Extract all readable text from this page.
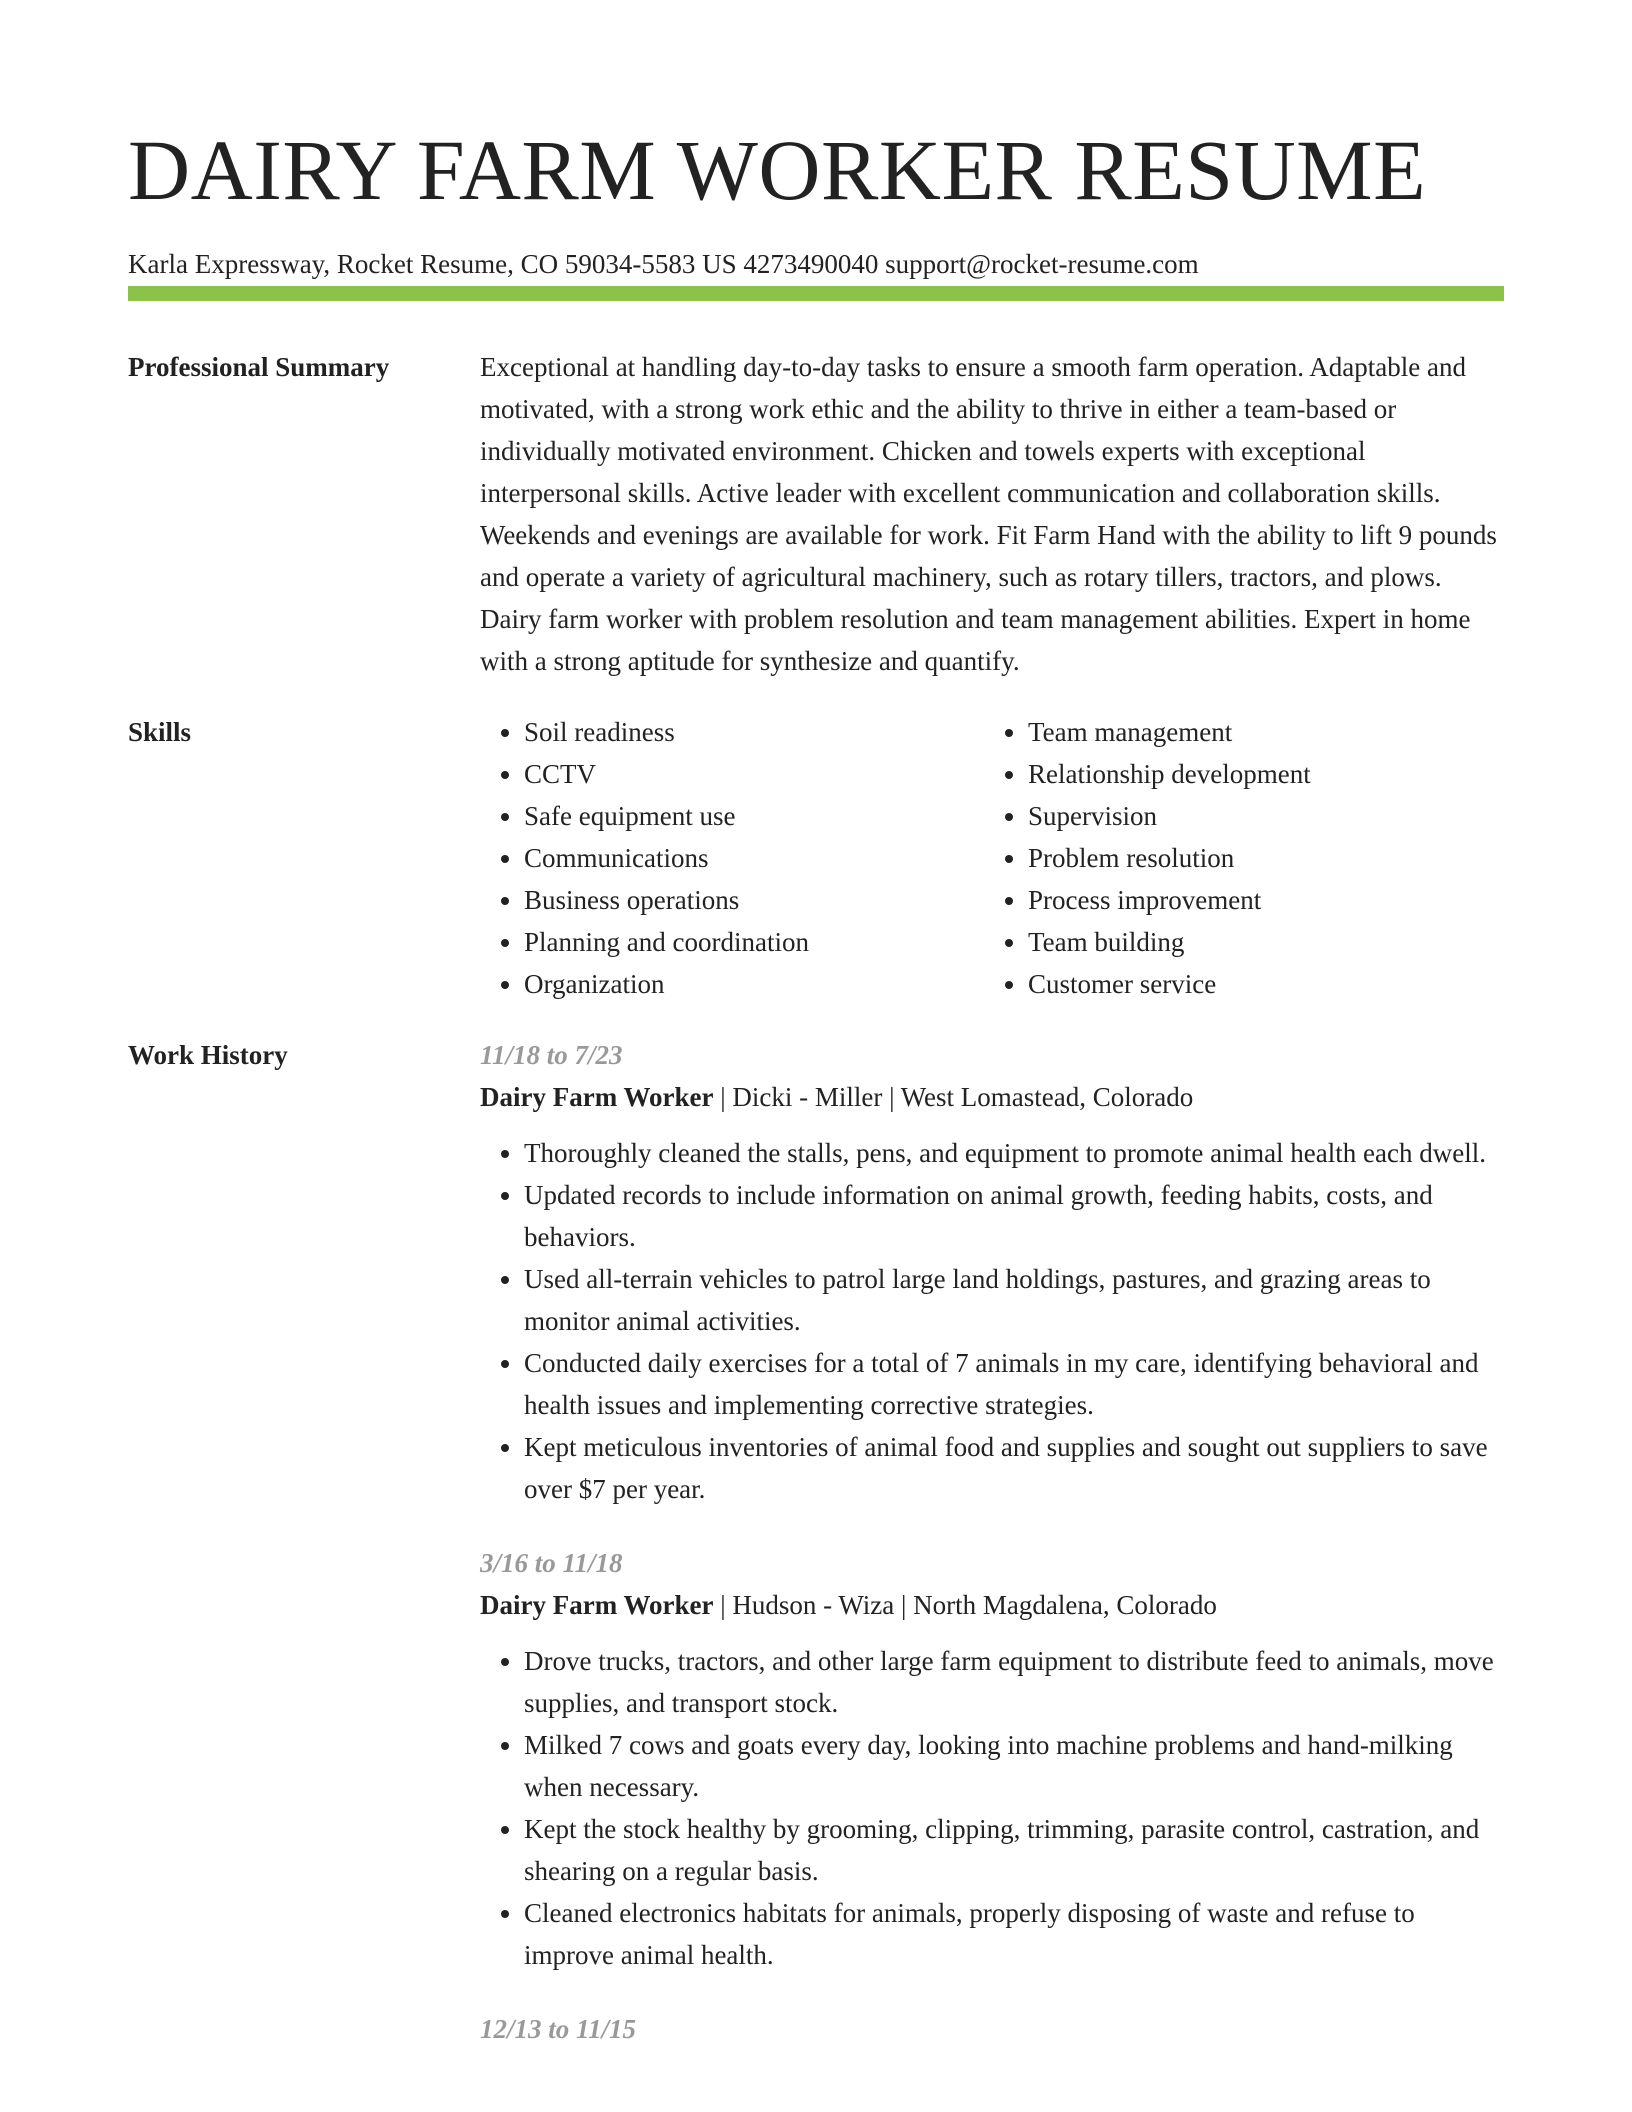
DAIRY FARM WORKER RESUME
Karla Expressway, Rocket Resume, CO 59034-5583 US 4273490040 support@rocket-resume.com
Professional Summary	Exceptional at handling day-to-day tasks to ensure a smooth farm operation. Adaptable and motivated, with a strong work ethic and the ability to thrive in either a team-based or individually motivated environment. Chicken and towels experts with exceptional interpersonal skills. Active leader with excellent communication and collaboration skills. Weekends and evenings are available for work. Fit Farm Hand with the ability to lift 9 pounds and operate a variety of agricultural machinery, such as rotary tillers, tractors, and plows. Dairy farm worker with problem resolution and team management abilities. Expert in home with a strong aptitude for synthesize and quantify.

Skills
•	Soil readiness
• CCTV
• Safe equipment use
• Communications
• Business operations
• Planning and coordination
• Organization
• Team management
• Relationship development
• Supervision
• Problem resolution
• Process improvement
• Team building
• Customer service
Work History	11/18 to 7/23

Dairy Farm Worker | Dicki - Miller | West Lomastead, Colorado

• Thoroughly cleaned the stalls, pens, and equipment to promote animal health each dwell.
• Updated records to include information on animal growth, feeding habits, costs, and behaviors.
• Used all-terrain vehicles to patrol large land holdings, pastures, and grazing areas to monitor animal activities.
• Conducted daily exercises for a total of 7 animals in my care, identifying behavioral and health issues and implementing corrective strategies.
• Kept meticulous inventories of animal food and supplies and sought out suppliers to save over $7 per year.
3/16 to 11/18

Dairy Farm Worker | Hudson - Wiza | North Magdalena, Colorado

• Drove trucks, tractors, and other large farm equipment to distribute feed to animals, move supplies, and transport stock.
• Milked 7 cows and goats every day, looking into machine problems and hand-milking when necessary.
• Kept the stock healthy by grooming, clipping, trimming, parasite control, castration, and shearing on a regular basis.
• Cleaned electronics habitats for animals, properly disposing of waste and refuse to improve animal health.
12/13 to 11/15
